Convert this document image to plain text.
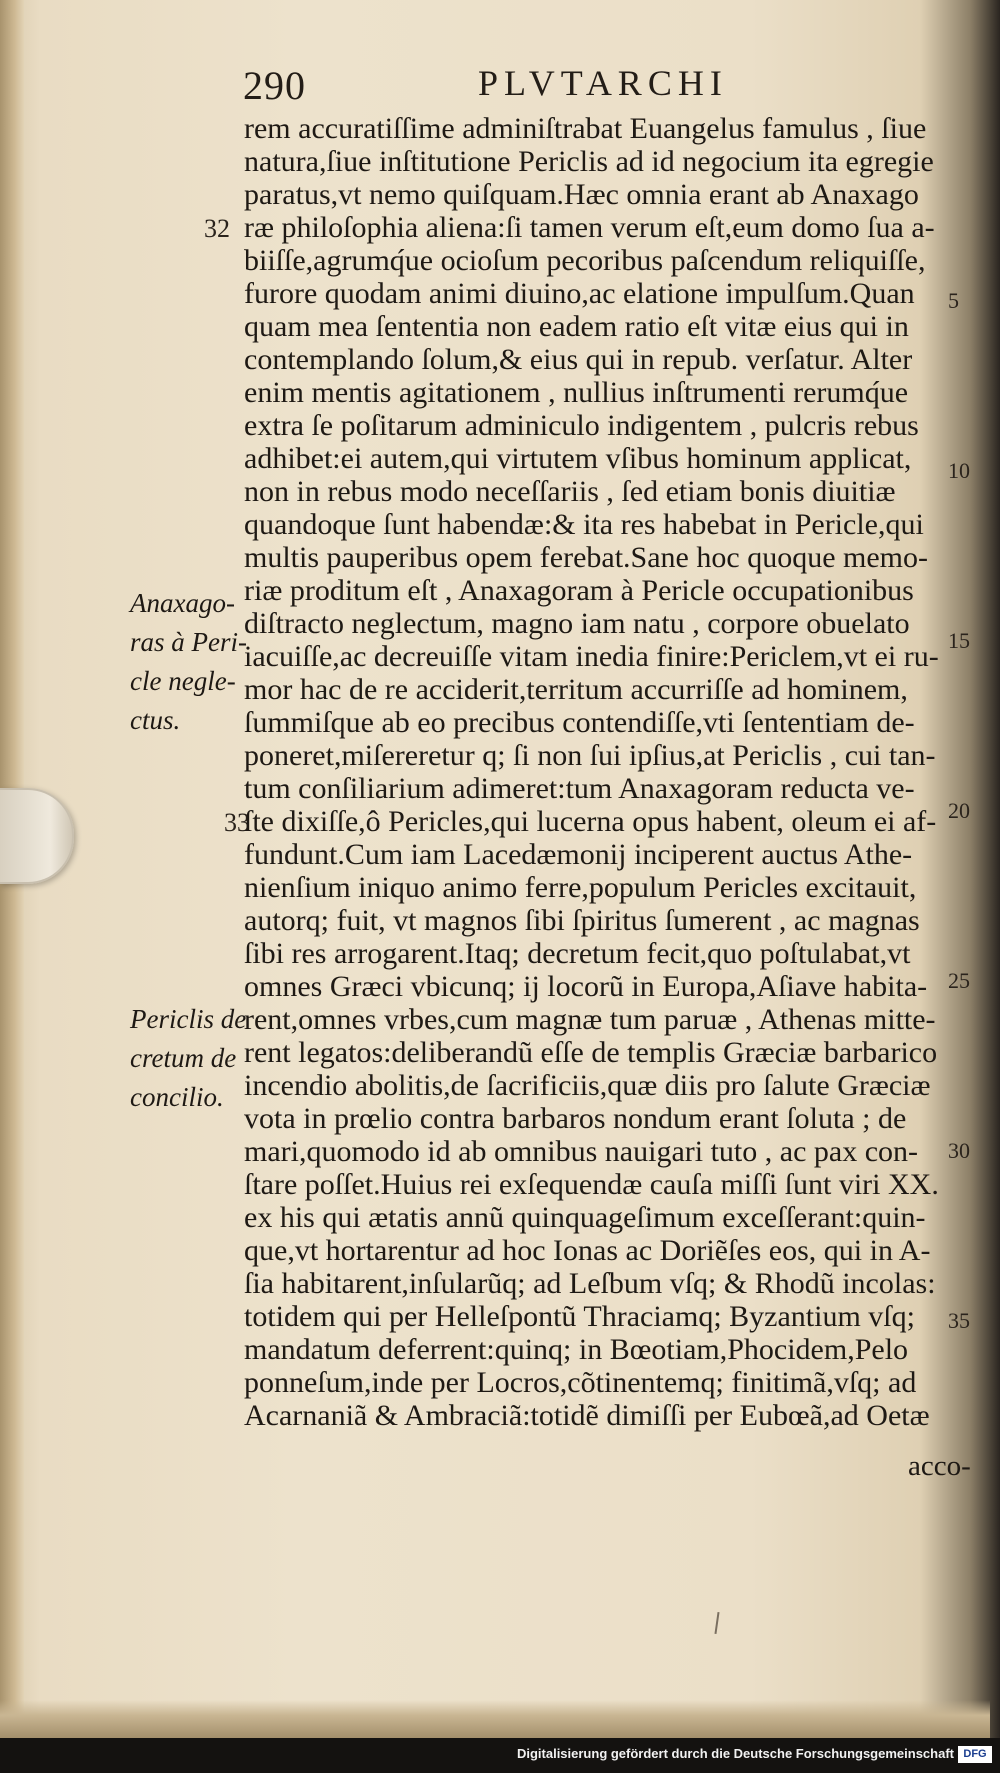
290	PLVTARCHI
32
33
Anaxago-
ras à Peri-
cle negle-
ctus.
Periclis de
cretum de
concilio.
rem accuratiſſime adminiſtrabat Euangelus famulus , ſiue
natura,ſiue inſtitutione Periclis ad id negocium ita egregie
paratus,vt nemo quiſquam.Hæc omnia erant ab Anaxago
ræ philoſophia aliena:ſi tamen verum eſt,eum domo ſua a-
biiſſe,agrumq́ue ocioſum pecoribus paſcendum reliquiſſe,
furore quodam animi diuino,ac elatione impulſum.Quan
quam mea ſententia non eadem ratio eſt vitæ eius qui in
contemplando ſolum,& eius qui in repub. verſatur. Alter
enim mentis agitationem , nullius inſtrumenti rerumq́ue
extra ſe poſitarum adminiculo indigentem , pulcris rebus
adhibet:ei autem,qui virtutem vſibus hominum applicat,
non in rebus modo neceſſariis , ſed etiam bonis diuitiæ
quandoque ſunt habendæ:& ita res habebat in Pericle,qui
multis pauperibus opem ferebat.Sane hoc quoque memo-
riæ proditum eſt , Anaxagoram à Pericle occupationibus
diſtracto neglectum, magno iam natu , corpore obuelato
iacuiſſe,ac decreuiſſe vitam inedia finire:Periclem,vt ei ru-
mor hac de re acciderit,territum accurriſſe ad hominem,
ſummiſque ab eo precibus contendiſſe,vti ſententiam de-
poneret,miſereretur q; ſi non ſui ipſius,at Periclis , cui tan-
tum conſiliarium adimeret:tum Anaxagoram reducta ve-
ſte dixiſſe,ô Pericles,qui lucerna opus habent, oleum ei af-
fundunt.Cum iam Lacedæmonij inciperent auctus Athe-
nienſium iniquo animo ferre,populum Pericles excitauit,
autorq; fuit, vt magnos ſibi ſpiritus ſumerent , ac magnas
ſibi res arrogarent.Itaq; decretum fecit,quo poſtulabat,vt
omnes Græci vbicunq; ij locorũ in Europa,Aſiave habita-
rent,omnes vrbes,cum magnæ tum paruæ , Athenas mitte-
rent legatos:deliberandũ eſſe de templis Græciæ barbarico
incendio abolitis,de ſacrificiis,quæ diis pro ſalute Græciæ
vota in prœlio contra barbaros nondum erant ſoluta ; de
mari,quomodo id ab omnibus nauigari tuto , ac pax con-
ſtare poſſet.Huius rei exſequendæ cauſa miſſi ſunt viri XX.
ex his qui ætatis annũ quinquageſimum exceſſerant:quin-
que,vt hortarentur ad hoc Ionas ac Doriẽſes eos, qui in A-
ſia habitarent,inſularũq; ad Leſbum vſq; & Rhodũ incolas:
totidem qui per Helleſpontũ Thraciamq; Byzantium vſq;
mandatum deferrent:quinq; in Bœotiam,Phocidem,Pelo
ponneſum,inde per Locros,cõtinentemq; finitimã,vſq; ad
Acarnaniã & Ambraciã:totidẽ dimiſſi per Eubœã,ad Oetæ
5
10
15
20
25
30
35
acco-
Digitalisierung gefördert durch die Deutsche Forschungsgemeinschaft DFG
